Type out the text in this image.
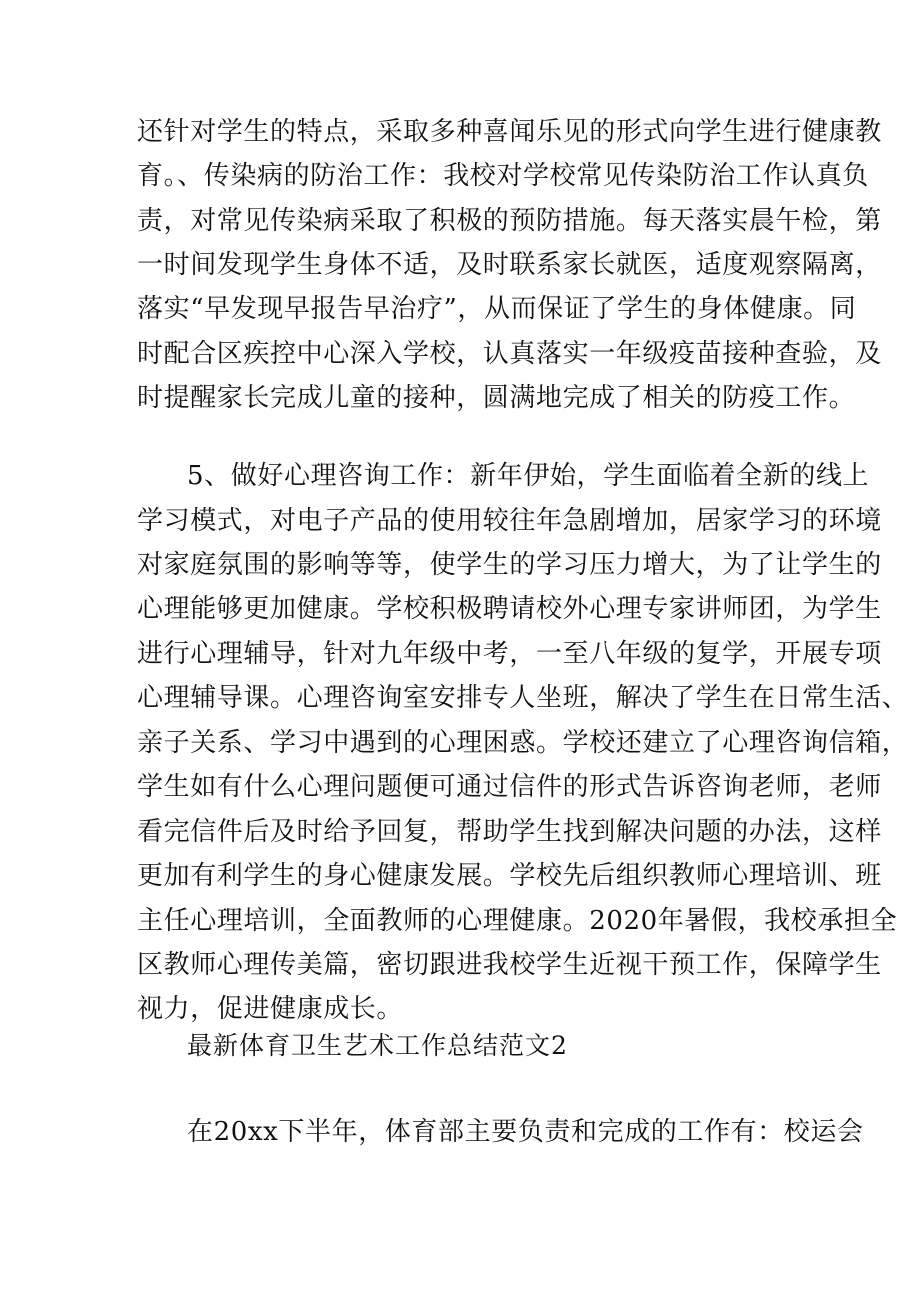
还针对学生的特点，采取多种喜闻乐见的形式向学生进行健康教
育。、传染病的防治工作：我校对学校常见传染防治工作认真负
责，对常见传染病采取了积极的预防措施。每天落实晨午检，第
一时间发现学生身体不适，及时联系家长就医，适度观察隔离，
落实“早发现早报告早治疗”，从而保证了学生的身体健康。同
时配合区疾控中心深入学校，认真落实一年级疫苗接种查验，及
时提醒家长完成儿童的接种，圆满地完成了相关的防疫工作。
5、做好心理咨询工作：新年伊始，学生面临着全新的线上
学习模式，对电子产品的使用较往年急剧增加，居家学习的环境
对家庭氛围的影响等等，使学生的学习压力增大，为了让学生的
心理能够更加健康。学校积极聘请校外心理专家讲师团，为学生
进行心理辅导，针对九年级中考，一至八年级的复学，开展专项
心理辅导课。心理咨询室安排专人坐班，解决了学生在日常生活、
亲子关系、学习中遇到的心理困惑。学校还建立了心理咨询信箱，
学生如有什么心理问题便可通过信件的形式告诉咨询老师，老师
看完信件后及时给予回复，帮助学生找到解决问题的办法，这样
更加有利学生的身心健康发展。学校先后组织教师心理培训、班
主任心理培训，全面教师的心理健康。2020年暑假，我校承担全
区教师心理传美篇，密切跟进我校学生近视干预工作，保障学生
视力，促进健康成长。
最新体育卫生艺术工作总结范文2
在20xx下半年，体育部主要负责和完成的工作有：校运会
